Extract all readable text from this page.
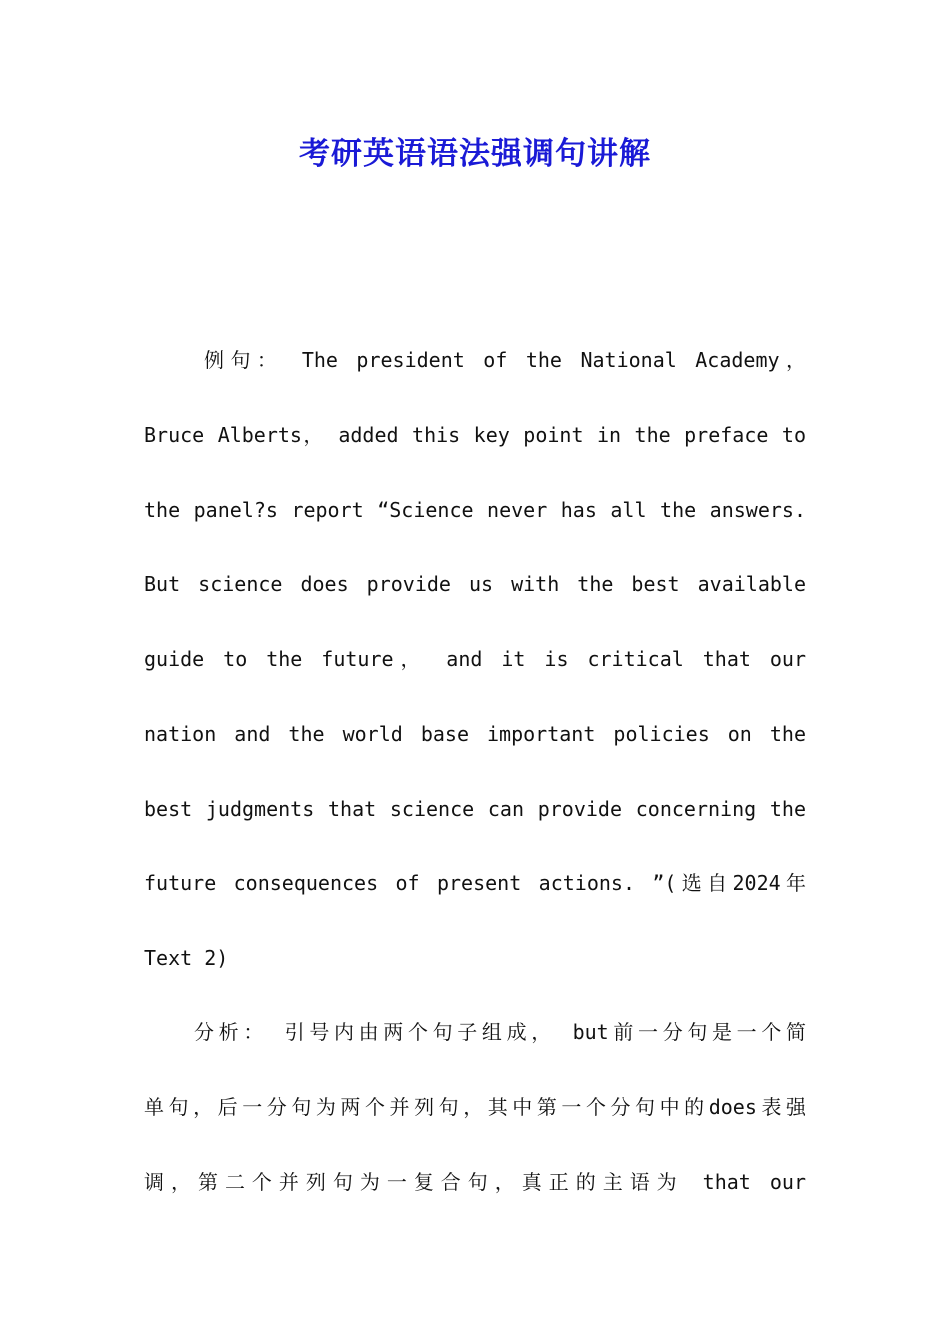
考研英语语法强调句讲解
例句： The president of the National Academy，
Bruce Alberts， added this key point in the preface to
the panel?s report “Science never has all the answers.
But science does provide us with the best available
guide to the future， and it is critical that our
nation and the world base important policies on the
best judgments that science can provide concerning the
future consequences of present actions. ”(选自2024年
Text 2)
分析： 引号内由两个句子组成， but前一分句是一个简
单句，后一分句为两个并列句，其中第一个分句中的does表强
调，第二个并列句为一复合句，真正的主语为 that our
